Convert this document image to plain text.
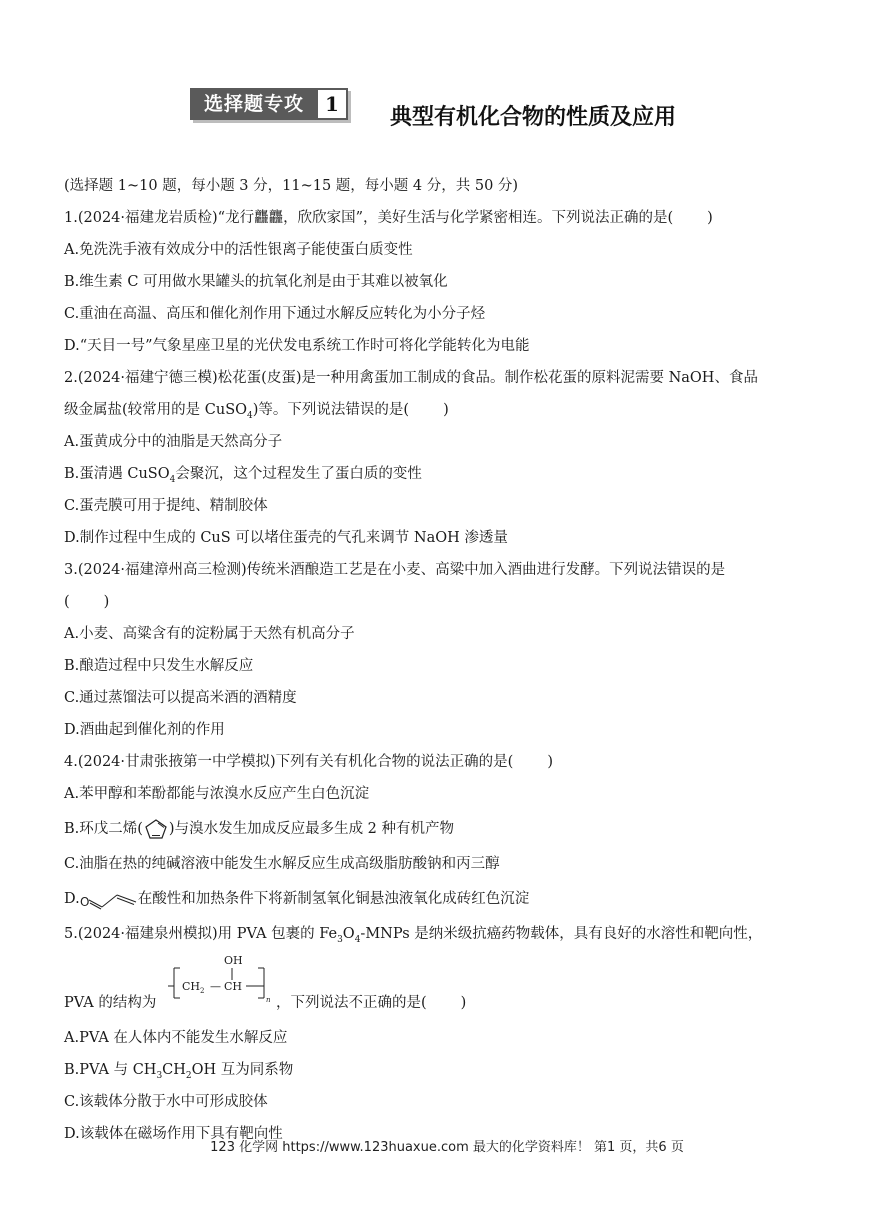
选择题专攻	1
典型有机化合物的性质及应用
(选择题 1~10 题，每小题 3 分，11~15 题，每小题 4 分，共 50 分)
1.(2024·福建龙岩质检)“龙行龘龘，欣欣家国”，美好生活与化学紧密相连。下列说法正确的是( )
A.免洗洗手液有效成分中的活性银离子能使蛋白质变性
B.维生素 C 可用做水果罐头的抗氧化剂是由于其难以被氧化
C.重油在高温、高压和催化剂作用下通过水解反应转化为小分子烃
D.“天目一号”气象星座卫星的光伏发电系统工作时可将化学能转化为电能
2.(2024·福建宁德三模)松花蛋(皮蛋)是一种用禽蛋加工制成的食品。制作松花蛋的原料泥需要 NaOH、食品
级金属盐(较常用的是 CuSO$_4$)等。下列说法错误的是( )
A.蛋黄成分中的油脂是天然高分子
B.蛋清遇 CuSO$_4$会聚沉，这个过程发生了蛋白质的变性
C.蛋壳膜可用于提纯、精制胶体
D.制作过程中生成的 CuS 可以堵住蛋壳的气孔来调节 NaOH 渗透量
3.(2024·福建漳州高三检测)传统米酒酿造工艺是在小麦、高粱中加入酒曲进行发酵。下列说法错误的是
( )
A.小麦、高粱含有的淀粉属于天然有机高分子
B.酿造过程中只发生水解反应
C.通过蒸馏法可以提高米酒的酒精度
D.酒曲起到催化剂的作用
4.(2024·甘肃张掖第一中学模拟)下列有关有机化合物的说法正确的是( )
A.苯甲醇和苯酚都能与浓溴水反应产生白色沉淀
B.环戊二烯( )与溴水发生加成反应最多生成 2 种有机产物
C.油脂在热的纯碱溶液中能发生水解反应生成高级脂肪酸钠和丙三醇
D. O	在酸性和加热条件下将新制氢氧化铜悬浊液氧化成砖红色沉淀
5.(2024·福建泉州模拟)用 PVA 包裹的 $Fe_3O_4$-MNPs 是纳米级抗癌药物载体，具有良好的水溶性和靶向性，
PVA 的结构为
$CH_2$ — CH
OH
n ，下列说法不正确的是( )
A.PVA 在人体内不能发生水解反应
B.PVA 与 $CH_3CH_2OH$ 互为同系物
C.该载体分散于水中可形成胶体
D.该载体在磁场作用下具有靶向性
123 化学网 https://www.123huaxue.com 最大的化学资料库！ 第1 页，共6 页
